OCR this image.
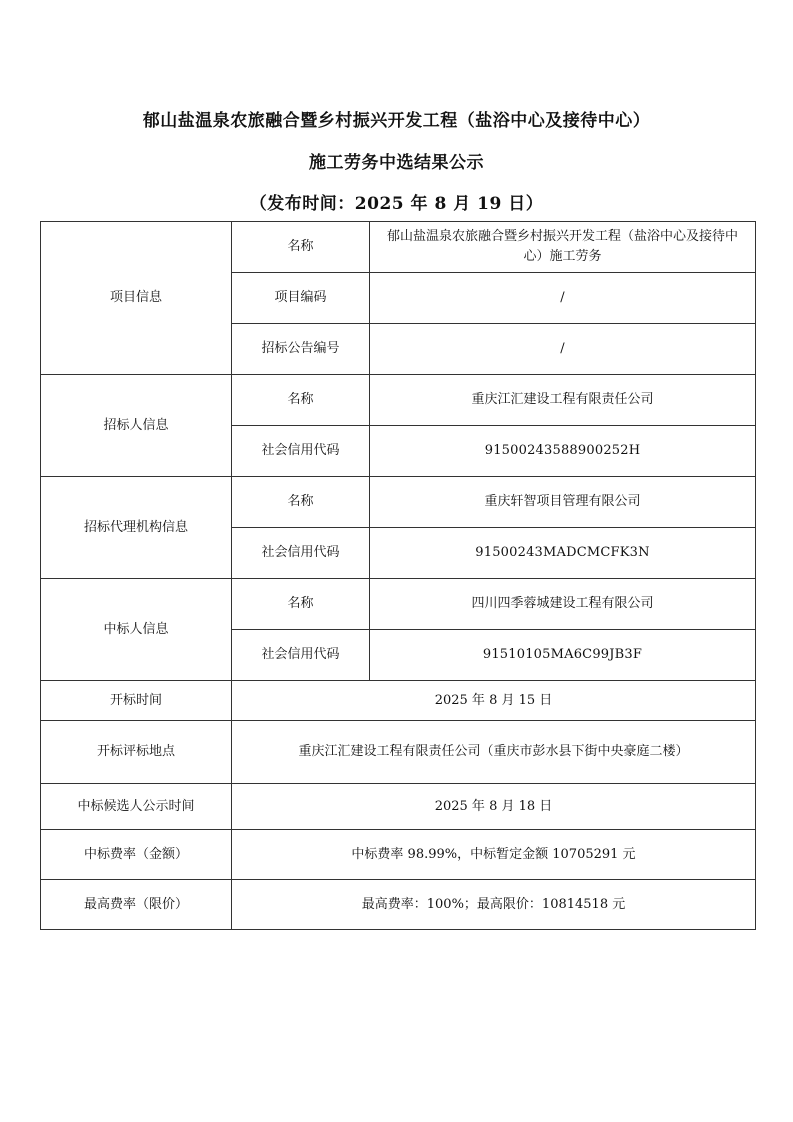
郁山盐温泉农旅融合暨乡村振兴开发工程（盐浴中心及接待中心）
施工劳务中选结果公示
（发布时间：2025 年 8 月 19 日）
项目信息	名称	郁山盐温泉农旅融合暨乡村振兴开发工程（盐浴中心及接待中心）施工劳务
	项目编码	/
	招标公告编号	/
招标人信息	名称	重庆江汇建设工程有限责任公司
	社会信用代码	91500243588900252H
招标代理机构信息	名称	重庆轩智项目管理有限公司
	社会信用代码	91500243MADCMCFK3N
中标人信息	名称	四川四季蓉城建设工程有限公司
	社会信用代码	91510105MA6C99JB3F
开标时间	2025 年 8 月 15 日	
开标评标地点	重庆江汇建设工程有限责任公司（重庆市彭水县下街中央豪庭二楼）	
中标候选人公示时间	2025 年 8 月 18 日	
中标费率（金额）	中标费率 98.99%，中标暂定金额 10705291 元	
最高费率（限价）	最高费率：100%；最高限价：10814518 元	
